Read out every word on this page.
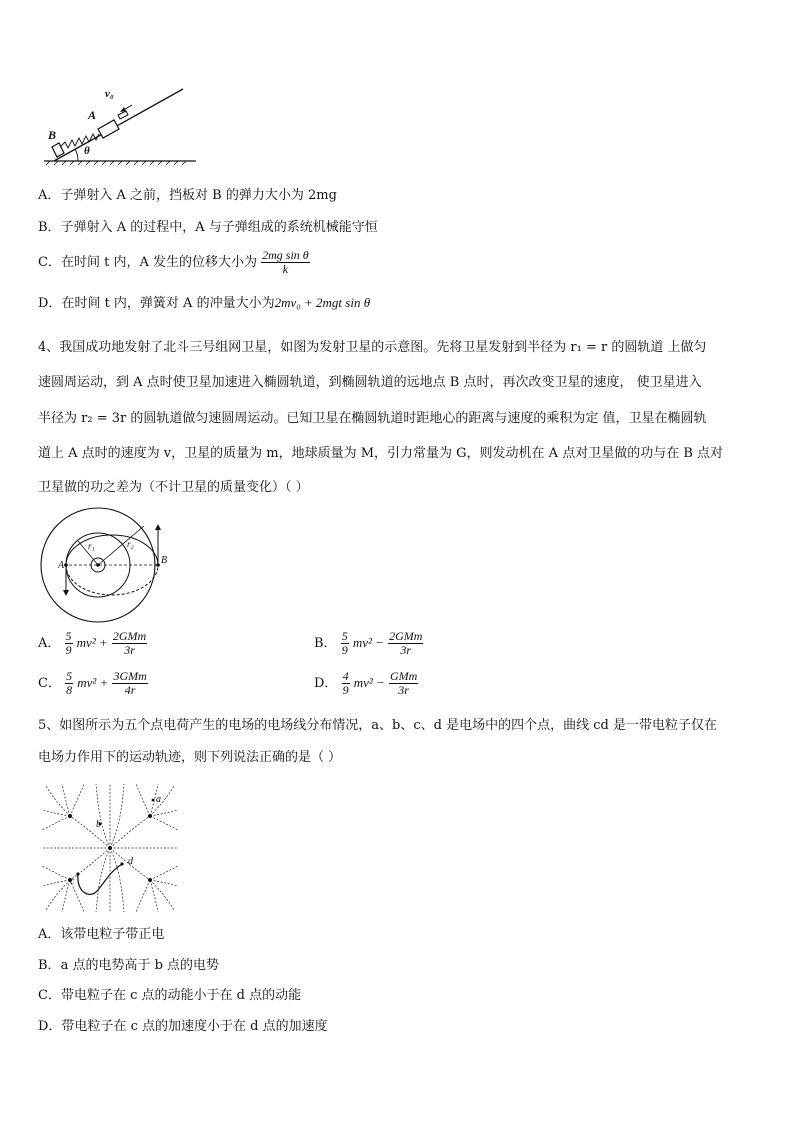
v₀
A
B
θ
A．子弹射入 A 之前，挡板对 B 的弹力大小为 2mg
B．子弹射入 A 的过程中，A 与子弹组成的系统机械能守恒
C．在时间 t 内，A 发生的位移大小为 $\frac{\text{2mg sin θ}}{k}$
D．在时间 t 内，弹簧对 A 的冲量大小为2mv₀ + 2mgt sin θ
4、我国成功地发射了北斗三号组网卫星，如图为发射卫星的示意图。先将卫星发射到半径为 r₁ = r 的圆轨道 上做匀
速圆周运动，到 A 点时使卫星加速进入椭圆轨道，到椭圆轨道的远地点 B 点时，再次改变卫星的速度， 使卫星进入
半径为 r₂ = 3r 的圆轨道做匀速圆周运动。已知卫星在椭圆轨道时距地心的距离与速度的乘积为定 值，卫星在椭圆轨
道上 A 点时的速度为 v，卫星的质量为 m，地球质量为 M，引力常量为 G，则发动机在 A 点对卫星做的功与在 B 点对
卫星做的功之差为（不计卫星的质量变化）（ ）
r₁	r₂
A	B
A． $\frac{5}{9} mv^2 + \frac{\text{2GMm}}{3r}$	B． $\frac{5}{9} mv^2 - \frac{\text{2GMm}}{3r}$
C． $\frac{5}{8} mv^2 + \frac{\text{3GMm}}{4r}$	D． $\frac{4}{9} mv^2 - \frac{\text{GMm}}{3r}$
5、如图所示为五个点电荷产生的电场的电场线分布情况，a、b、c、d 是电场中的四个点，曲线 cd 是一带电粒子仅在
电场力作用下的运动轨迹，则下列说法正确的是（ ）
a
b
c
d
A．该带电粒子带正电
B．a 点的电势高于 b 点的电势
C．带电粒子在 c 点的动能小于在 d 点的动能
D．带电粒子在 c 点的加速度小于在 d 点的加速度
